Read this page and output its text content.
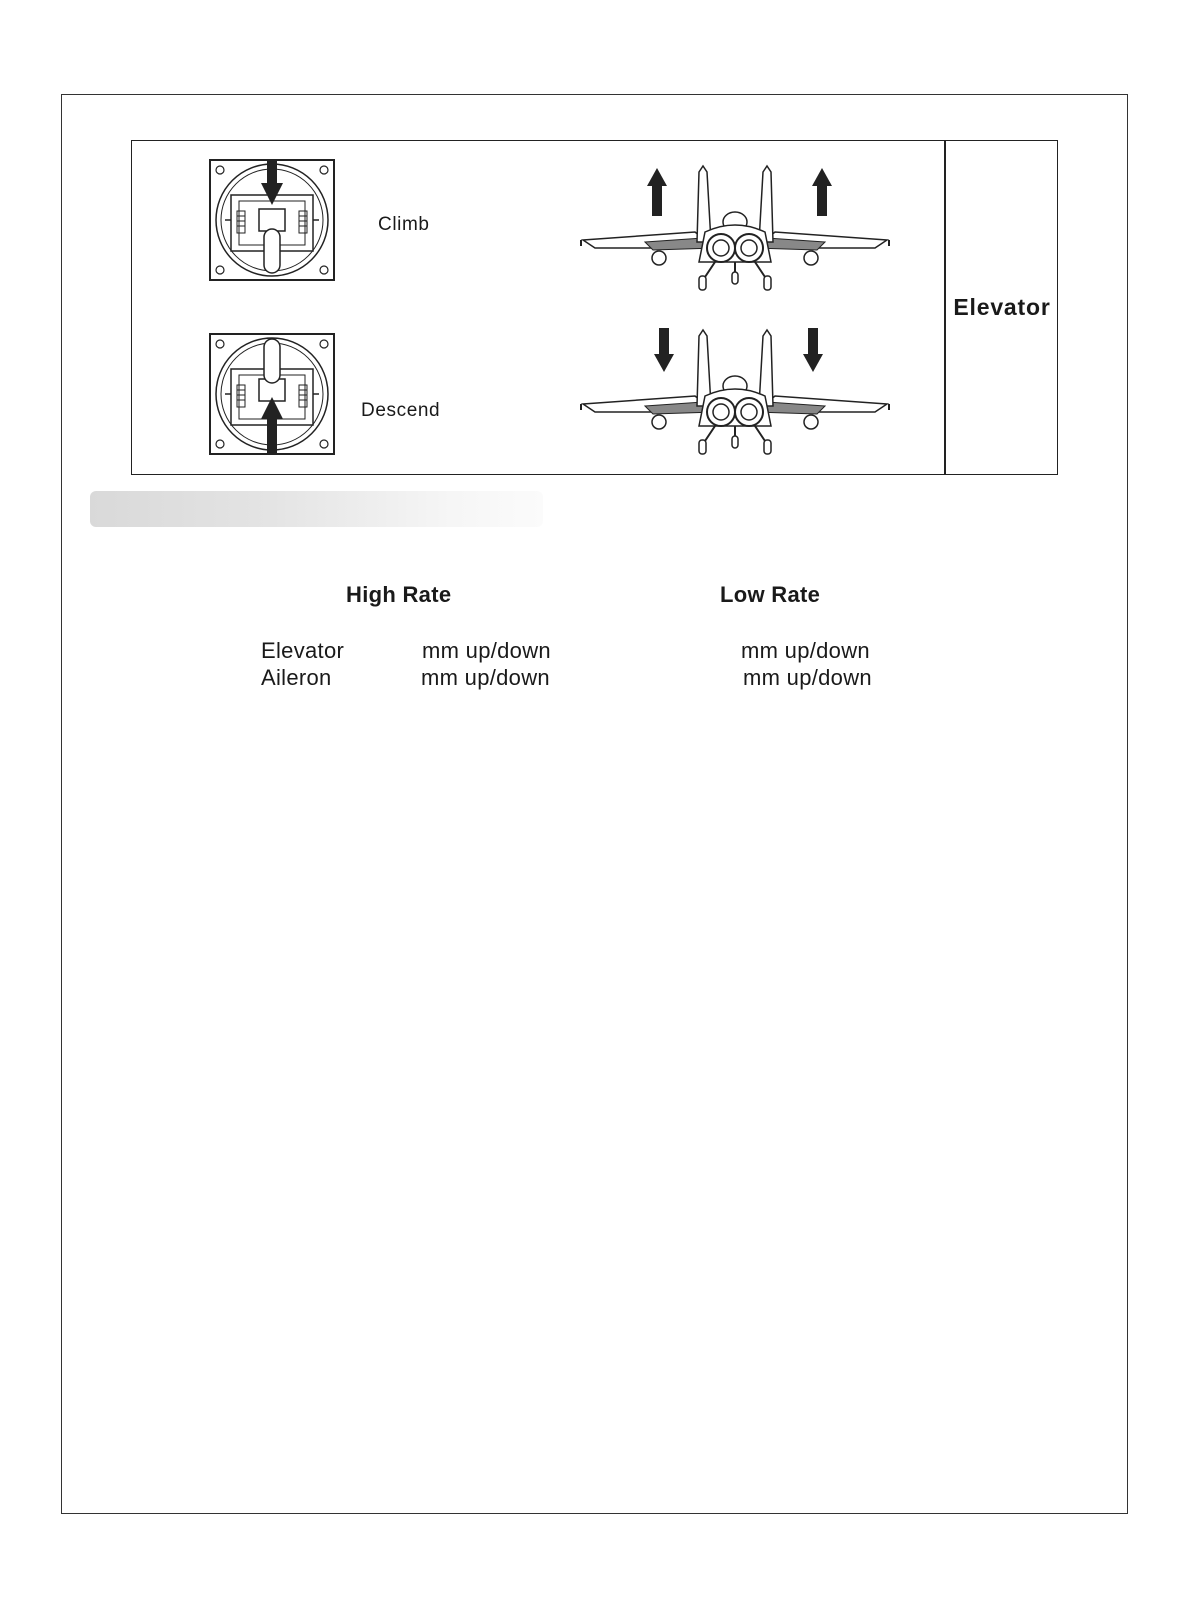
Elevator
Climb
Descend
High Rate	Low Rate
Elevator	mm up/down	mm up/down
Aileron	mm up/down	mm up/down
